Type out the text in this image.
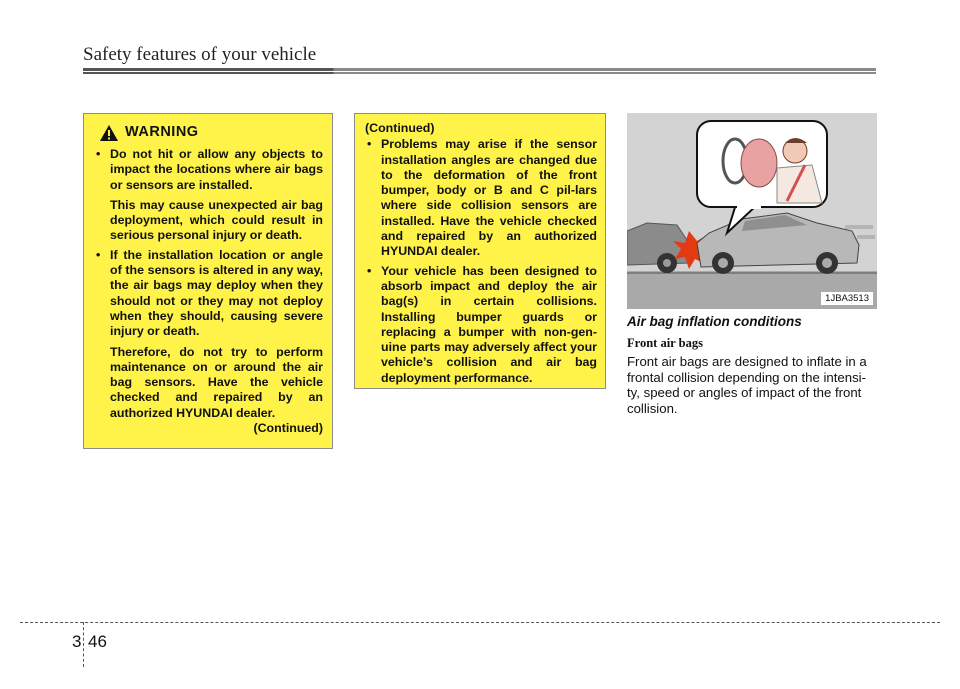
Safety features of your vehicle
WARNING
• Do not hit or allow any objects to impact the locations where air bags or sensors are installed.
This may cause unexpected air bag deployment, which could result in serious personal injury or death.
• If the installation location or angle of the sensors is altered in any way, the air bags may deploy when they should not or they may not deploy when they should, causing severe injury or death.
Therefore, do not try to perform maintenance on or around the air bag sensors. Have the vehicle checked and repaired by an authorized HYUNDAI dealer.
(Continued)
(Continued)
• Problems may arise if the sensor installation angles are changed due to the deformation of the front bumper, body or B and C pil-lars where side collision sensors are installed. Have the vehicle checked and repaired by an authorized HYUNDAI dealer.
• Your vehicle has been designed to absorb impact and deploy the air bag(s) in certain collisions. Installing bumper guards or replacing a bumper with non-gen-uine parts may adversely affect your vehicle’s collision and air bag deployment performance.
1JBA3513
Air bag inflation conditions
Front air bags

Front air bags are designed to inflate in a frontal collision depending on the intensi-ty, speed or angles of impact of the front collision.

3 46
